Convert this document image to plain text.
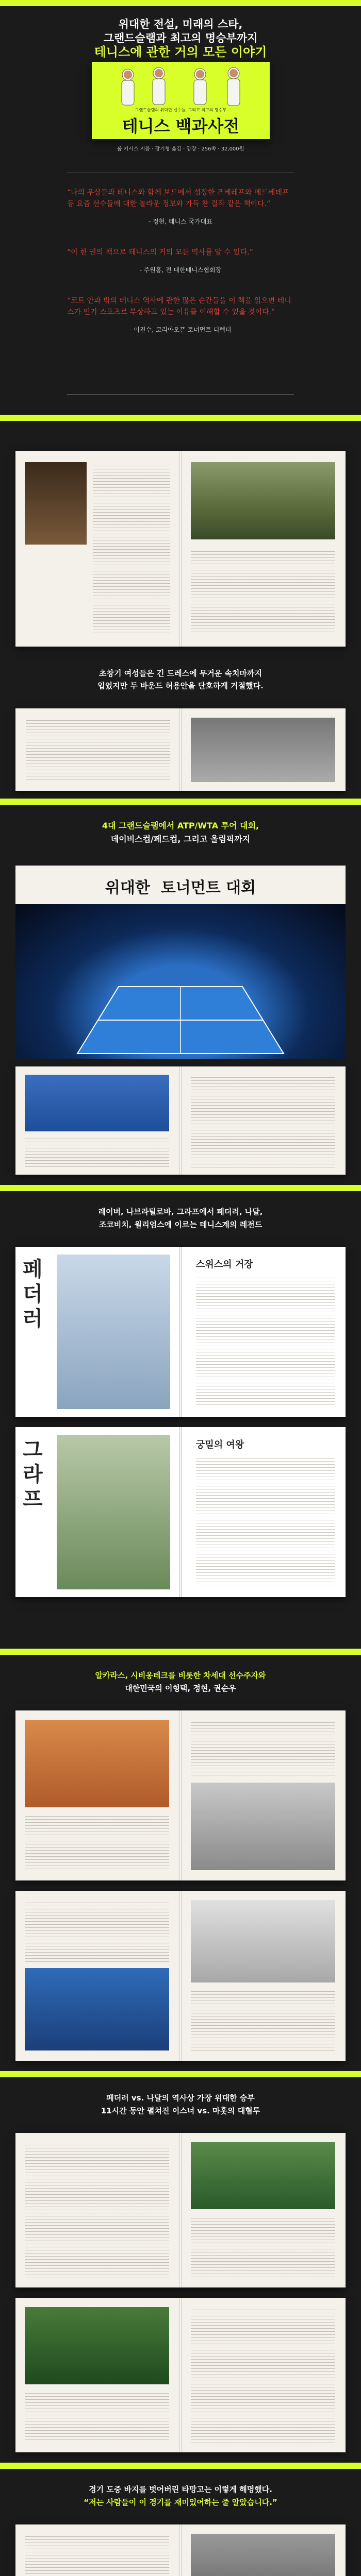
위대한 전설, 미래의 스타,
그랜드슬램과 최고의 명승부까지
테니스에 관한 거의 모든 이야기
그랜드슬램의 위대한 선수들, 그리고 최고의 명승부
테니스 백과사전
롭 커시스 지음 · 장기형 옮김 · 양장 · 256쪽 · 32,000원

“나의 우상들과 테니스와 함께 보드에서 성장한 즈베레프와 메드베데프 등 요즘 선수들에 대한 놀라운 정보와 가득 찬 걸작 같은 책이다.”

- 정현, 테니스 국가대표

“이 한 권의 책으로 테니스의 거의 모든 역사를 알 수 있다.”

- 주원홍, 전 대한테니스협회장

“코트 안과 밖의 테니스 역사에 관한 많은 순간들을 이 책을 읽으면 테니스가 인기 스포츠로 부상하고 있는 이유를 이해할 수 있을 것이다.”

- 이진수, 코리아오픈 토너먼트 디렉터

초창기 여성들은 긴 드레스에 무거운 속치마까지
입었지만 두 바운드 허용안을 단호하게 거절했다.
4대 그랜드슬램에서 ATP/WTA 투어 대회,
데이비스컵/페드컵, 그리고 올림픽까지
위대한  토너먼트 대회
레이버, 나브라틸로바, 그라프에서 페더러, 나달,
조코비치, 윌리엄스에 이르는 테니스계의 레전드
페더러
스위스의 거장
그라프
궁밀의 여왕
알카라스, 시비옹테크를 비롯한 차세대 선수주자와
대한민국의 이형택, 정현, 권순우
페더러 vs. 나달의 역사상 가장 위대한 승부
11시간 동안 펼쳐진 이스너 vs. 마훗의 대혈투
경기 도중 바지를 벗어버린 타망고는 이렇게 해명했다.
“저는 사람들이 이 경기를 재미있어하는 줄 알았습니다.”
